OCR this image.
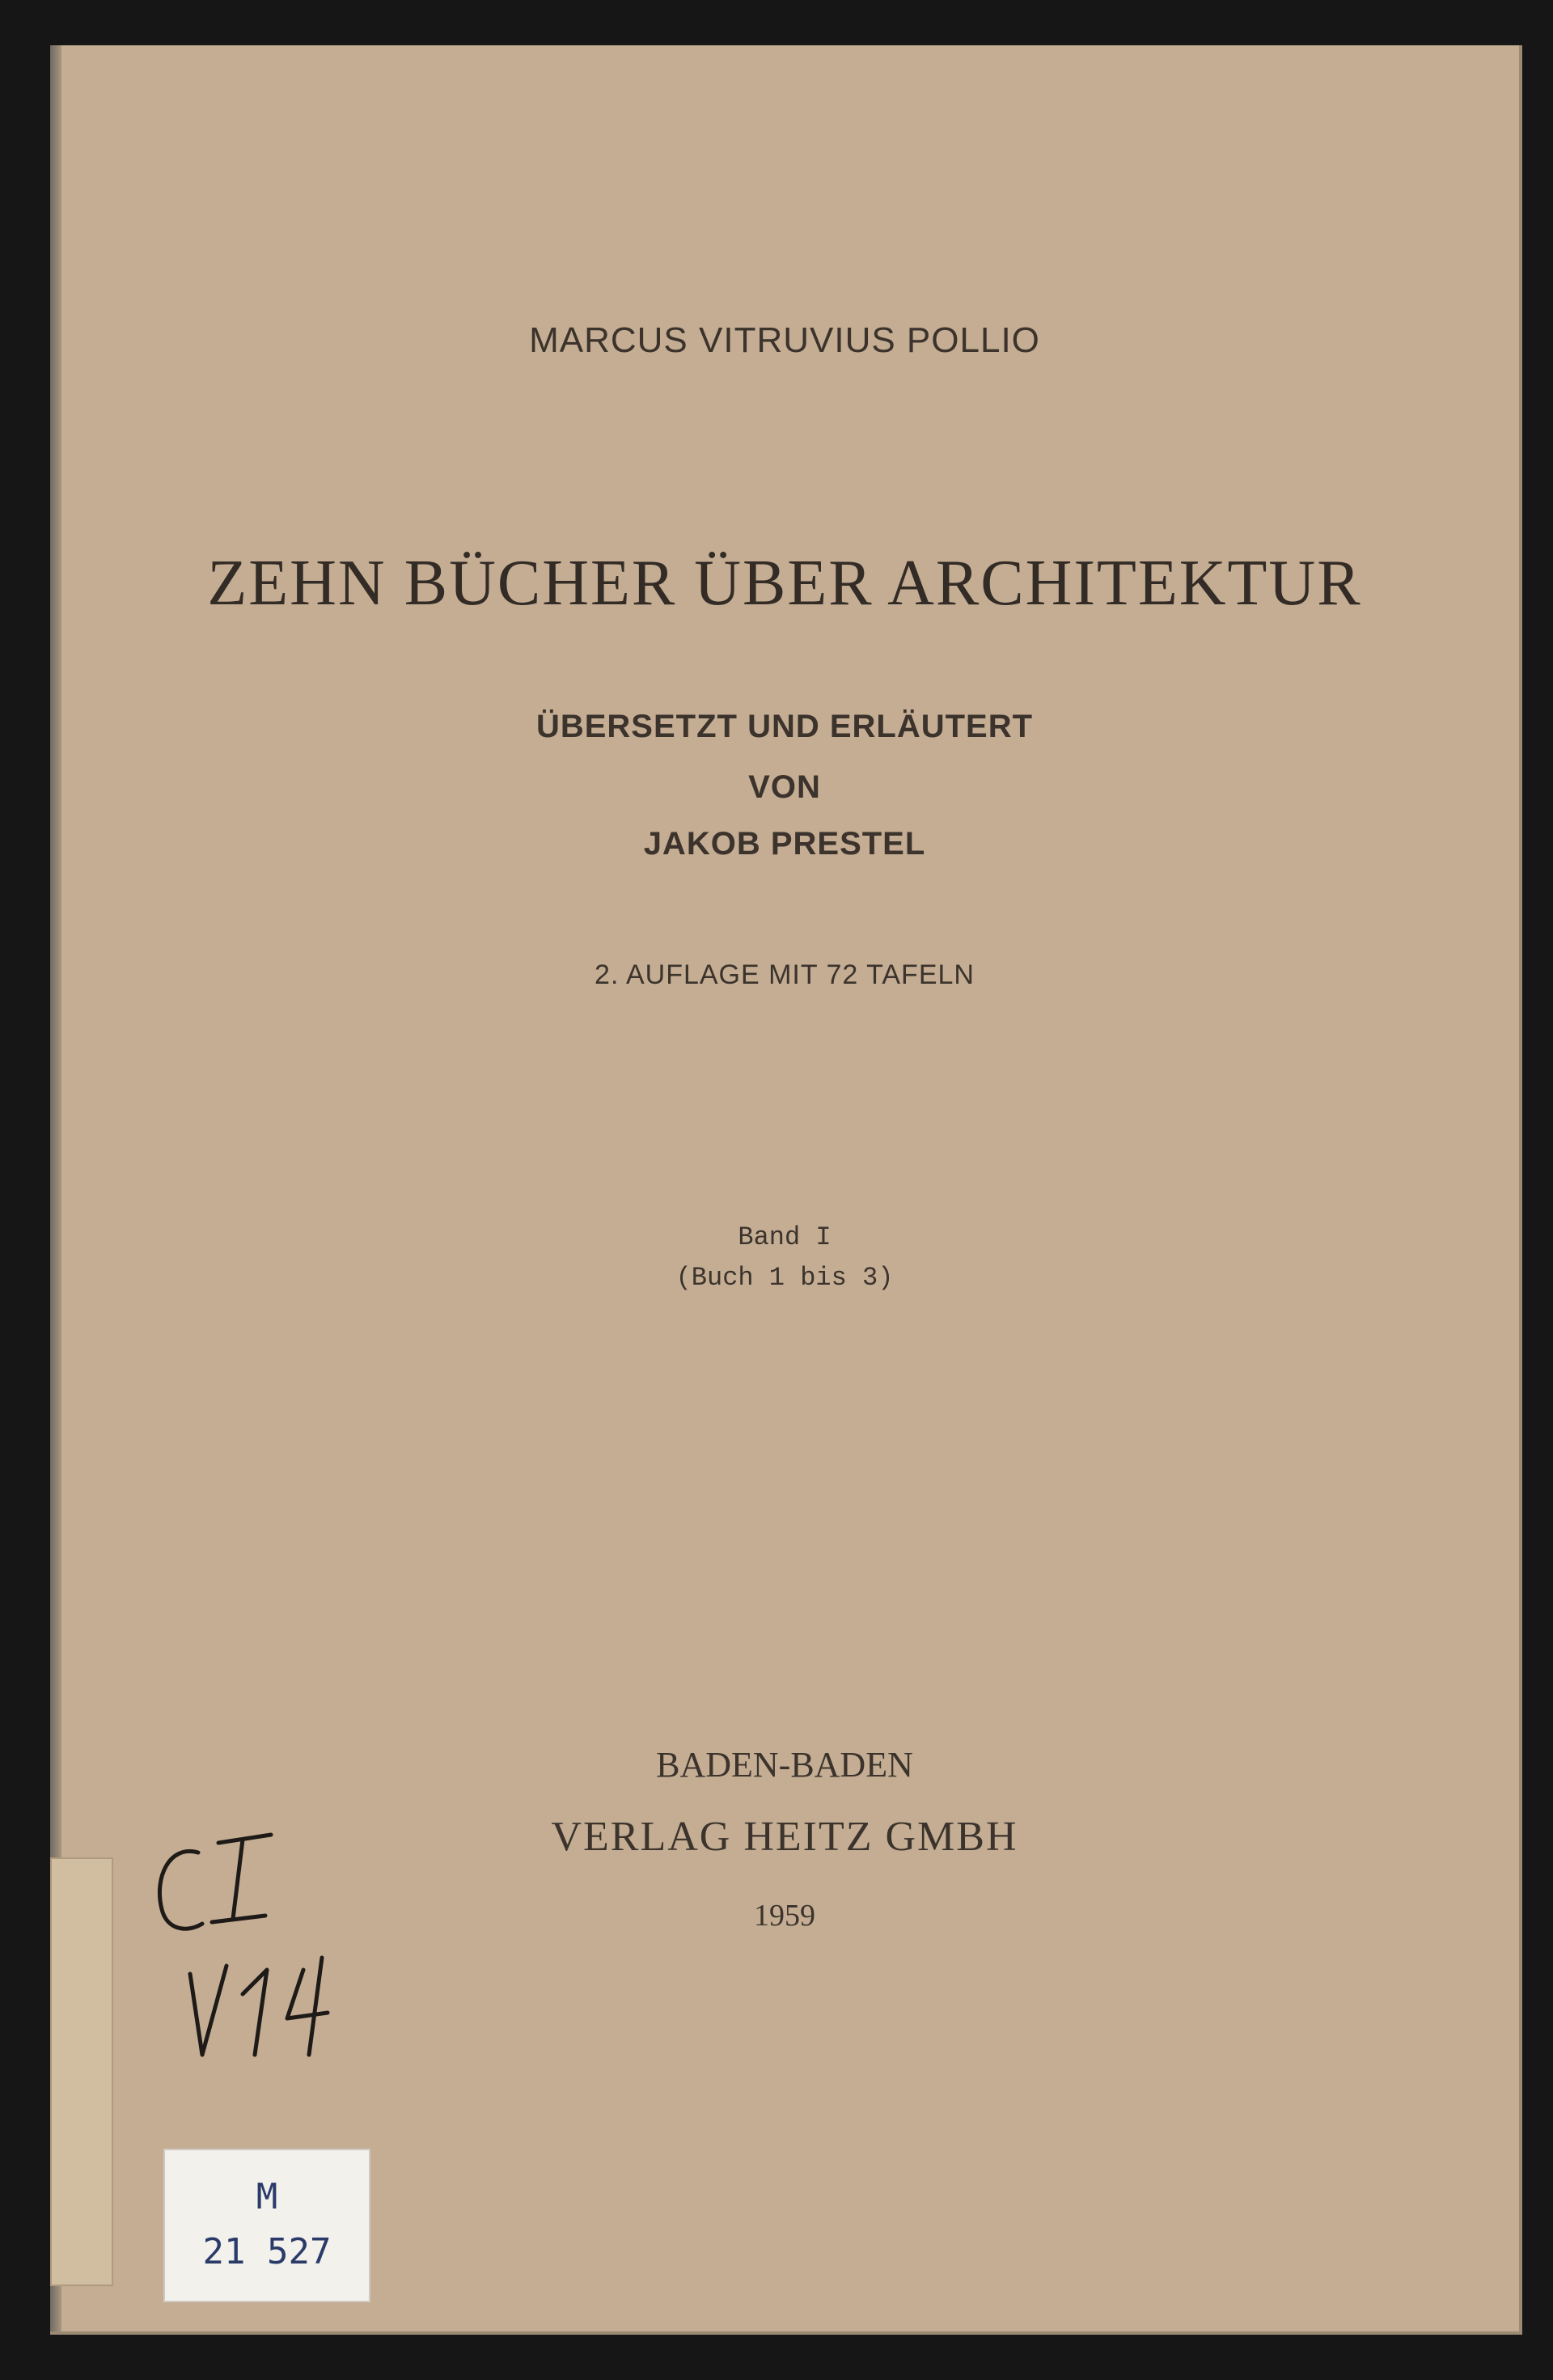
MARCUS VITRUVIUS POLLIO

ZEHN BÜCHER ÜBER ARCHITEKTUR

ÜBERSETZT UND ERLÄUTERT

VON

JAKOB PRESTEL

2. AUFLAGE MIT 72 TAFELN

Band I

(Buch 1 bis 3)

BADEN-BADEN

VERLAG HEITZ GMBH

1959

M
21 527
